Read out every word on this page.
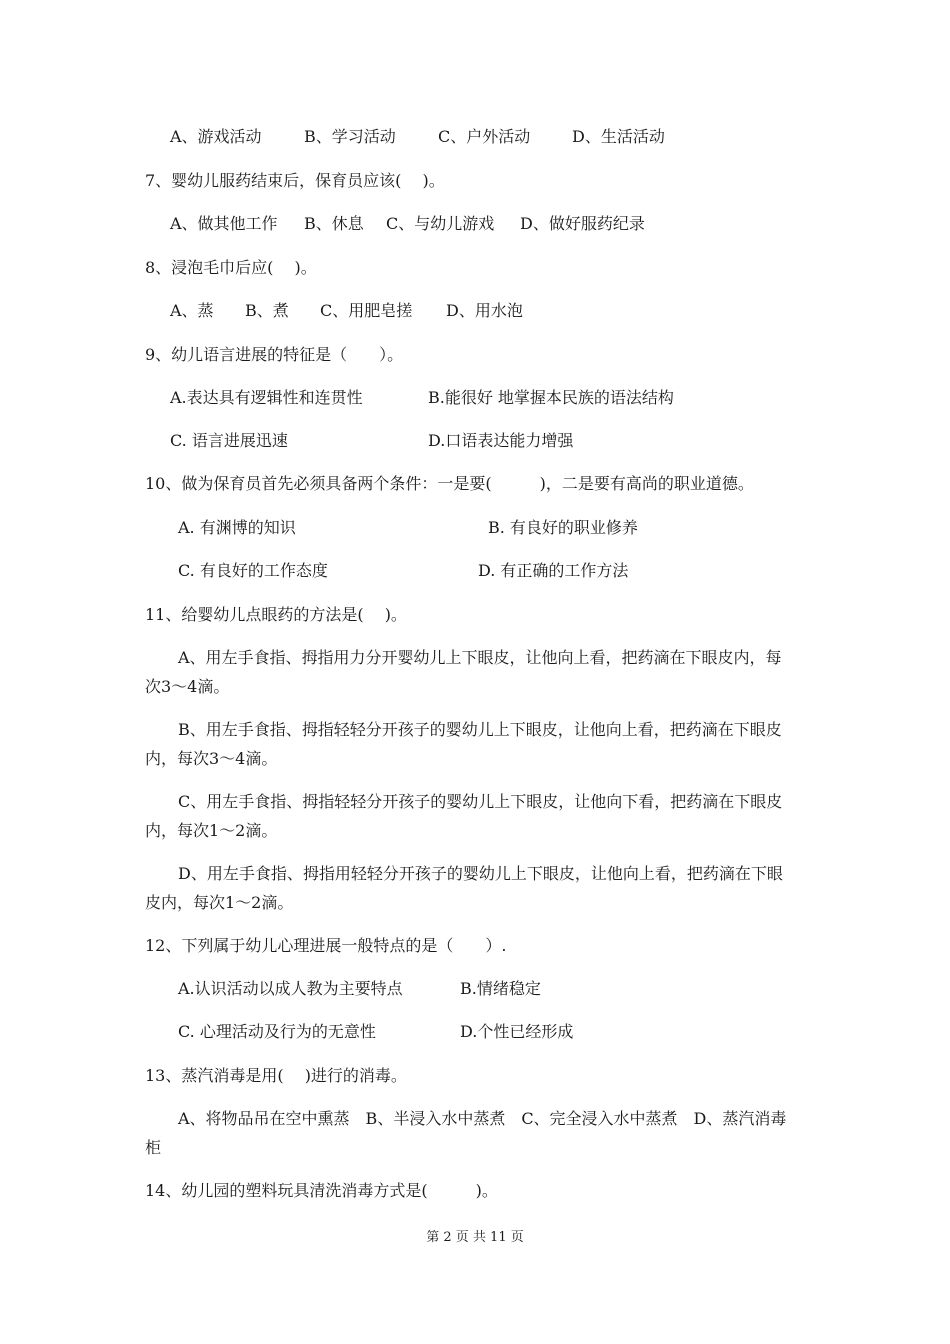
A、游戏活动	B、学习活动	C、户外活动	D、生活活动
7、婴幼儿服药结束后，保育员应该(　 )。
A、做其他工作 B、休息 C、与幼儿游戏 D、做好服药纪录
8、浸泡毛巾后应(　 )。
A、蒸 B、煮 C、用肥皂搓 D、用水泡
9、幼儿语言进展的特征是（　　）。
A.表达具有逻辑性和连贯性	B.能很好 地掌握本民族的语法结构
C. 语言进展迅速	D.口语表达能力增强
10、做为保育员首先必须具备两个条件：一是要(　　　)，二是要有高尚的职业道德。
A. 有渊博的知识	B. 有良好的职业修养
C. 有良好的工作态度	D. 有正确的工作方法
11、给婴幼儿点眼药的方法是(　 )。
A、用左手食指、拇指用力分开婴幼儿上下眼皮，让他向上看，把药滴在下眼皮内，每
次3～4滴。
B、用左手食指、拇指轻轻分开孩子的婴幼儿上下眼皮，让他向上看，把药滴在下眼皮
内，每次3～4滴。
C、用左手食指、拇指轻轻分开孩子的婴幼儿上下眼皮，让他向下看，把药滴在下眼皮
内，每次1～2滴。
D、用左手食指、拇指用轻轻分开孩子的婴幼儿上下眼皮，让他向上看，把药滴在下眼
皮内，每次1～2滴。
12、下列属于幼儿心理进展一般特点的是（　　）.
A.认识活动以成人教为主要特点	B.情绪稳定
C. 心理活动及行为的无意性	D.个性已经形成
13、蒸汽消毒是用(　 )进行的消毒。
A、将物品吊在空中熏蒸　B、半浸入水中蒸煮　C、完全浸入水中蒸煮　D、蒸汽消毒
柜
14、幼儿园的塑料玩具清洗消毒方式是(　　　)。
第 2 页 共 11 页
